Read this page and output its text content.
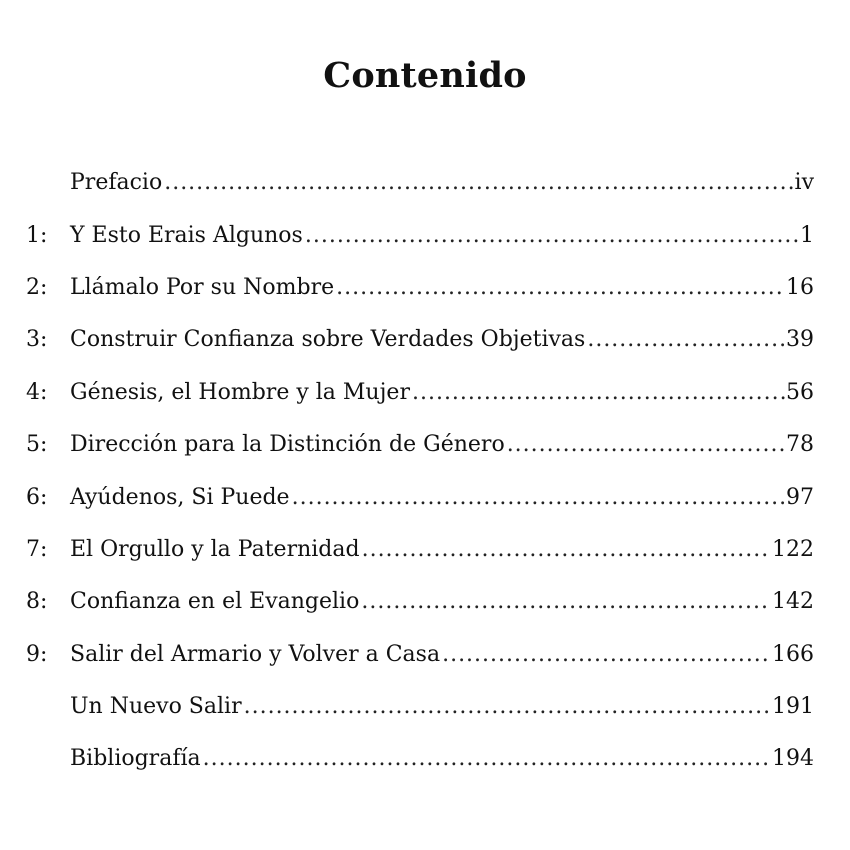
Contenido
Prefacio .....	iv
1:	Y Esto Erais Algunos .....	1
2:	Llámalo Por su Nombre .....	16
3:	Construir Confianza sobre Verdades Objetivas .....	39
4:	Génesis, el Hombre y la Mujer .....	56
5:	Dirección para la Distinción de Género .....	78
6:	Ayúdenos, Si Puede .....	97
7:	El Orgullo y la Paternidad .....	122
8:	Confianza en el Evangelio .....	142
9:	Salir del Armario y Volver a Casa .....	166
Un Nuevo Salir .....	191
Bibliografía .....	194
